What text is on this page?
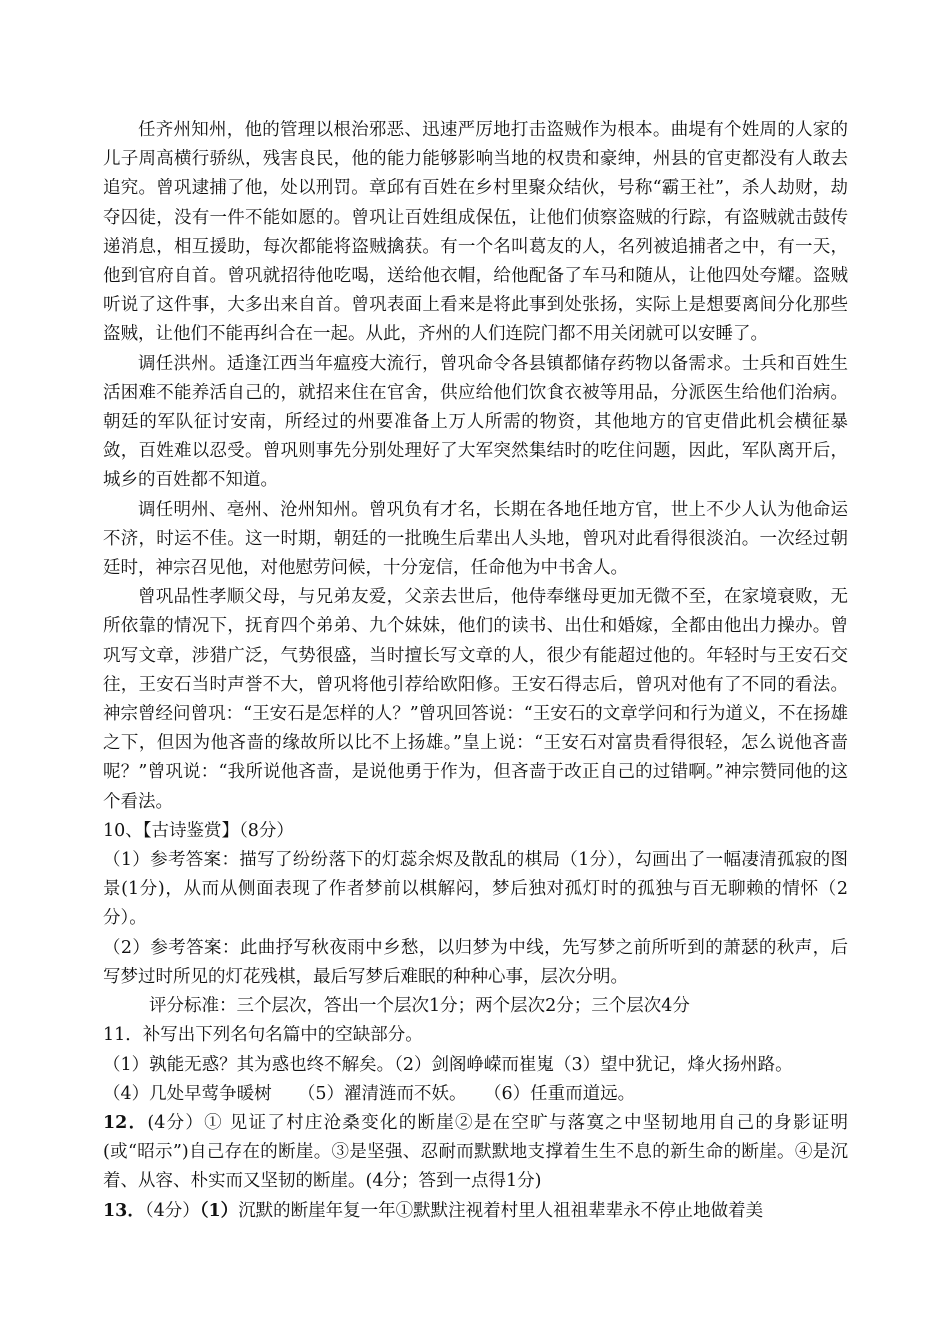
任齐州知州，他的管理以根治邪恶、迅速严厉地打击盗贼作为根本。曲堤有个姓周的人家的儿子周高横行骄纵，残害良民，他的能力能够影响当地的权贵和豪绅，州县的官吏都没有人敢去追究。曾巩逮捕了他，处以刑罚。章邱有百姓在乡村里聚众结伙，号称“霸王社”，杀人劫财，劫夺囚徒，没有一件不能如愿的。曾巩让百姓组成保伍，让他们侦察盗贼的行踪，有盗贼就击鼓传递消息，相互援助，每次都能将盗贼擒获。有一个名叫葛友的人，名列被追捕者之中，有一天，他到官府自首。曾巩就招待他吃喝，送给他衣帽，给他配备了车马和随从，让他四处夸耀。盗贼听说了这件事，大多出来自首。曾巩表面上看来是将此事到处张扬，实际上是想要离间分化那些盗贼，让他们不能再纠合在一起。从此，齐州的人们连院门都不用关闭就可以安睡了。

调任洪州。适逢江西当年瘟疫大流行，曾巩命令各县镇都储存药物以备需求。士兵和百姓生活困难不能养活自己的，就招来住在官舍，供应给他们饮食衣被等用品，分派医生给他们治病。朝廷的军队征讨安南，所经过的州要准备上万人所需的物资，其他地方的官吏借此机会横征暴敛，百姓难以忍受。曾巩则事先分别处理好了大军突然集结时的吃住问题，因此，军队离开后，城乡的百姓都不知道。

调任明州、亳州、沧州知州。曾巩负有才名，长期在各地任地方官，世上不少人认为他命运不济，时运不佳。这一时期，朝廷的一批晚生后辈出人头地，曾巩对此看得很淡泊。一次经过朝廷时，神宗召见他，对他慰劳问候，十分宠信，任命他为中书舍人。

曾巩品性孝顺父母，与兄弟友爱，父亲去世后，他侍奉继母更加无微不至，在家境衰败，无所依靠的情况下，抚育四个弟弟、九个妹妹，他们的读书、出仕和婚嫁，全都由他出力操办。曾巩写文章，涉猎广泛，气势很盛，当时擅长写文章的人，很少有能超过他的。年轻时与王安石交往，王安石当时声誉不大，曾巩将他引荐给欧阳修。王安石得志后，曾巩对他有了不同的看法。神宗曾经问曾巩：“王安石是怎样的人？”曾巩回答说：“王安石的文章学问和行为道义，不在扬雄之下，但因为他吝啬的缘故所以比不上扬雄。”皇上说：“王安石对富贵看得很轻，怎么说他吝啬呢？”曾巩说：“我所说他吝啬，是说他勇于作为，但吝啬于改正自己的过错啊。”神宗赞同他的这个看法。

10、【古诗鉴赏】（8分）

（1）参考答案：描写了纷纷落下的灯蕊余烬及散乱的棋局（1分），勾画出了一幅凄清孤寂的图景(1分)，从而从侧面表现了作者梦前以棋解闷，梦后独对孤灯时的孤独与百无聊赖的情怀（2分）。

（2）参考答案：此曲抒写秋夜雨中乡愁，以归梦为中线，先写梦之前所听到的萧瑟的秋声，后写梦过时所见的灯花残棋，最后写梦后难眠的种种心事，层次分明。

评分标准：三个层次，答出一个层次1分；两个层次2分；三个层次4分

11．补写出下列名句名篇中的空缺部分。

（1）孰能无惑？其为惑也终不解矣。（2）剑阁峥嵘而崔嵬（3）望中犹记，烽火扬州路。

（4）几处早莺争暖树 （5）濯清涟而不妖。 （6）任重而道远。

12．(4分）① 见证了村庄沧桑变化的断崖②是在空旷与落寞之中坚韧地用自己的身影证明(或“昭示”)自己存在的断崖。③是坚强、忍耐而默默地支撑着生生不息的新生命的断崖。④是沉着、从容、朴实而又坚韧的断崖。(4分；答到一点得1分)

13．（4分）（1）沉默的断崖年复一年①默默注视着村里人祖祖辈辈永不停止地做着美
